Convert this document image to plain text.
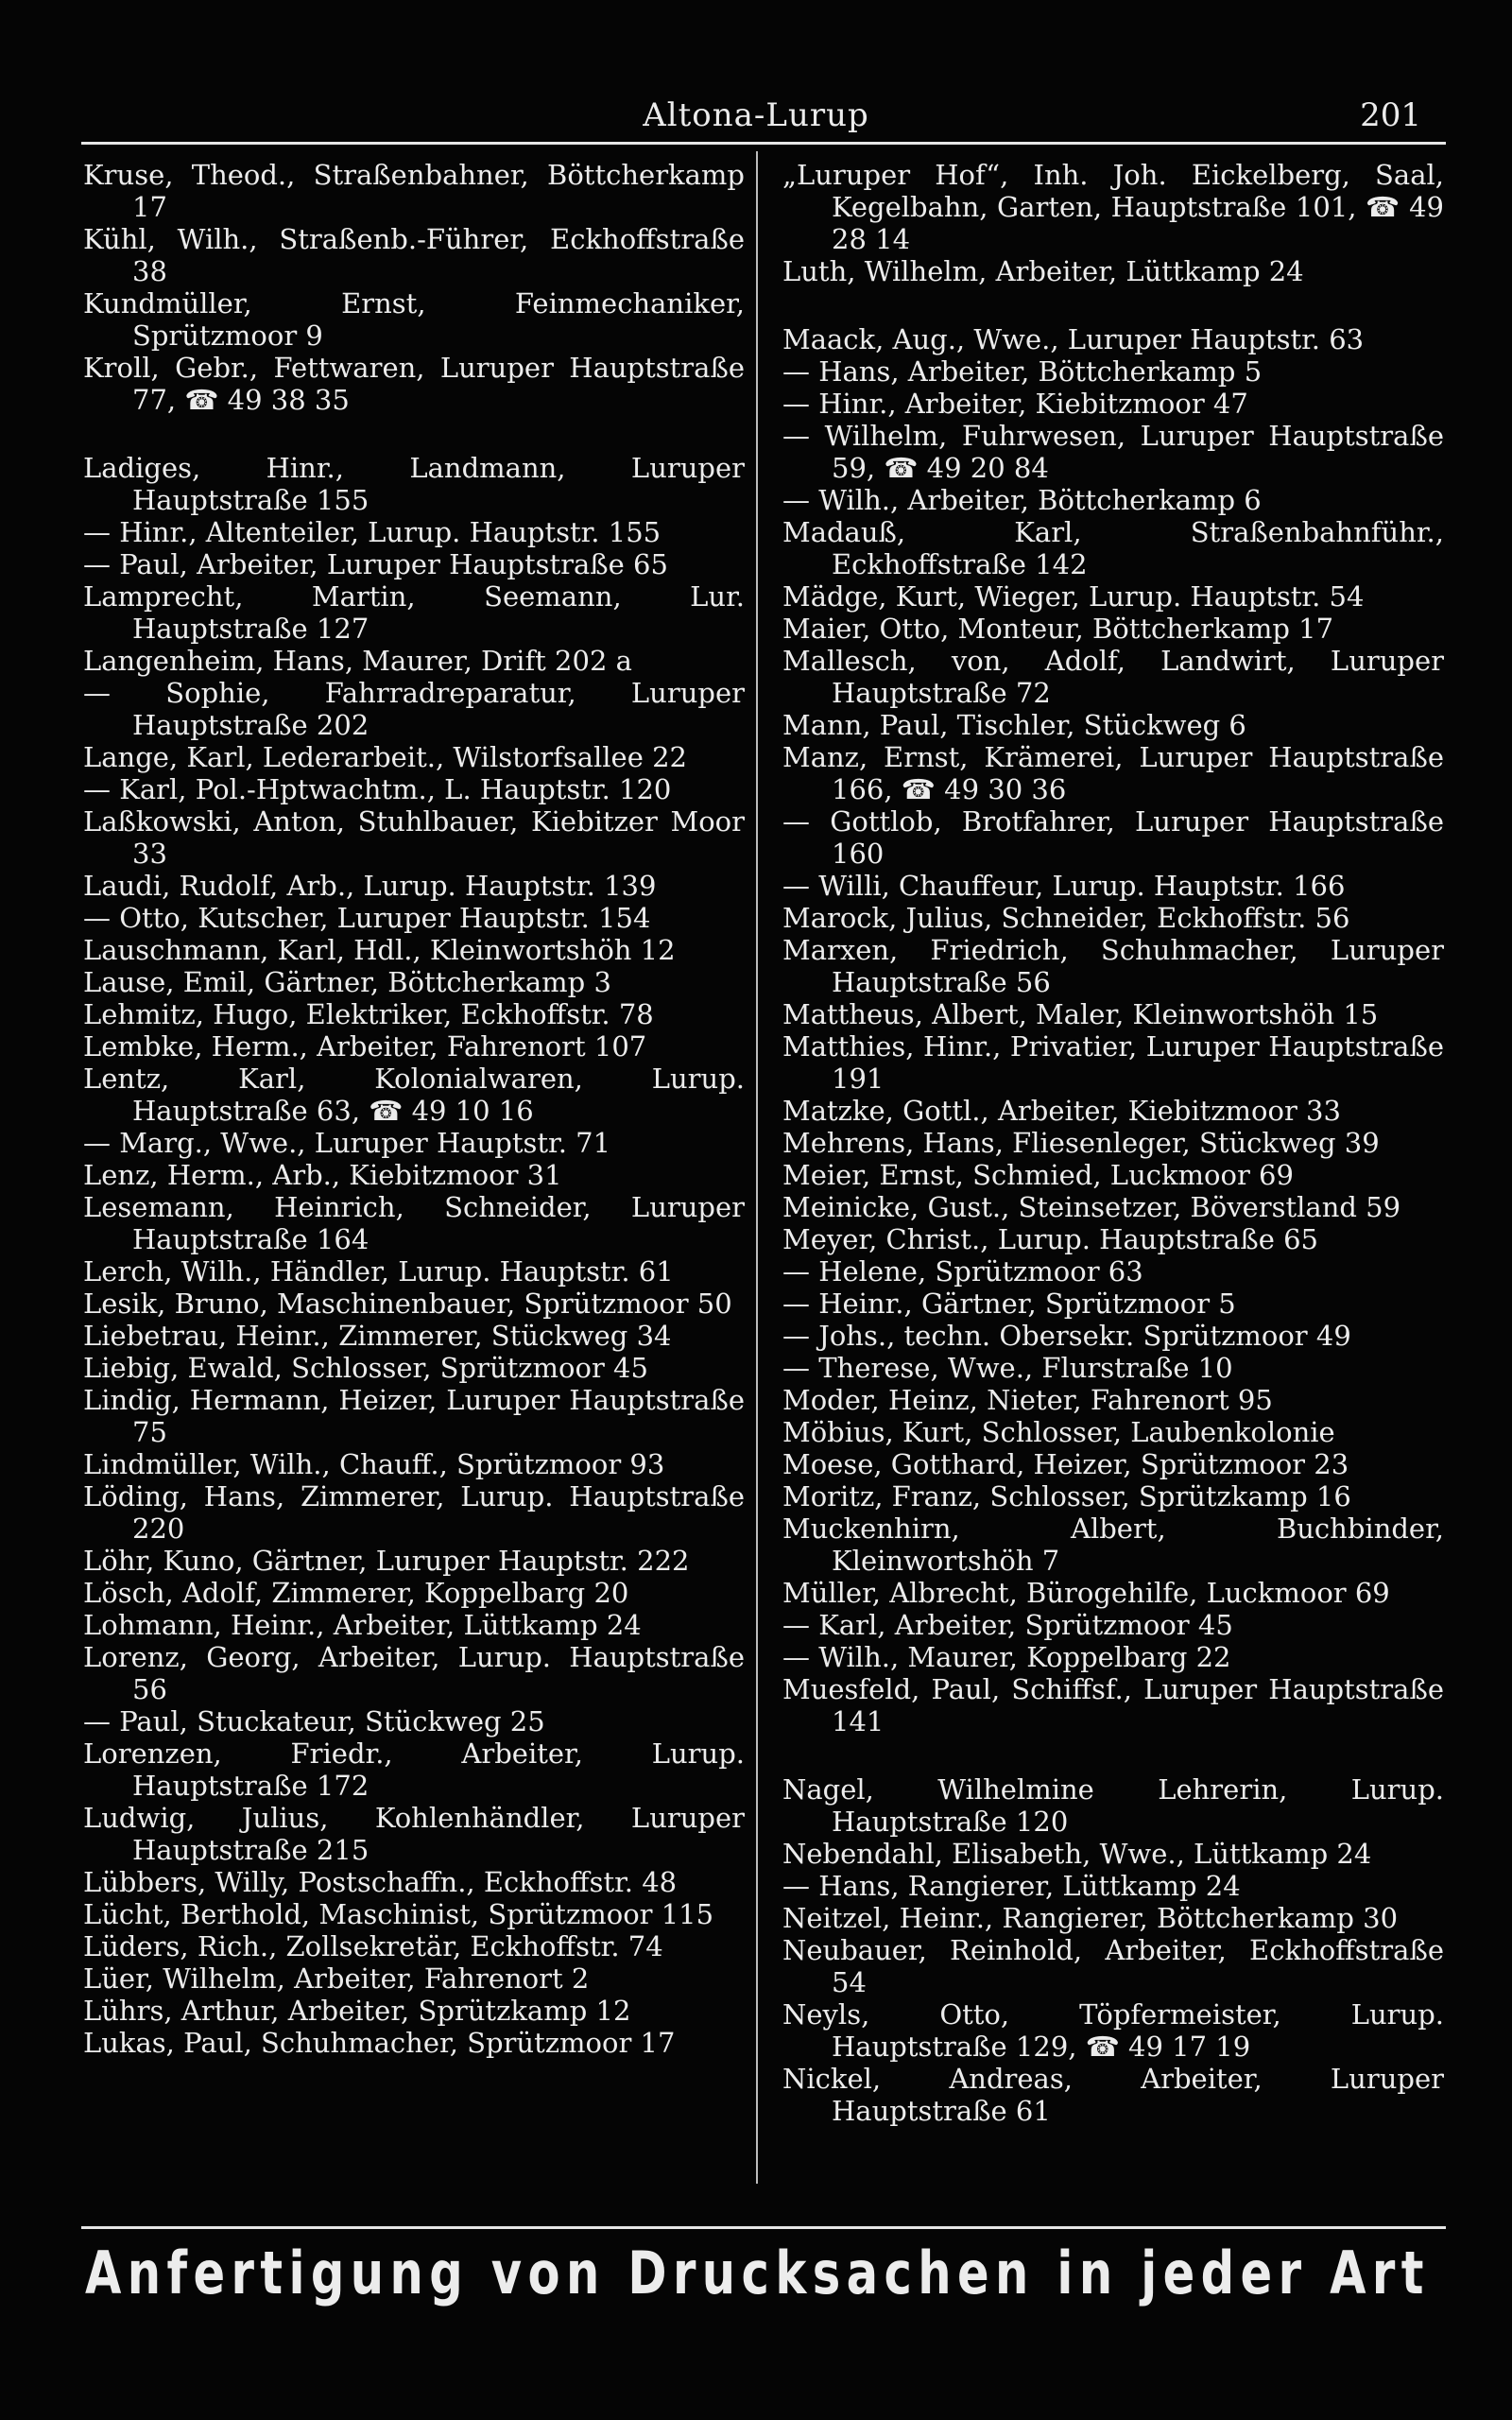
Altona-Lurup	201

Kruse, Theod., Straßenbahner, Böttcherkamp 17

Kühl, Wilh., Straßenb.-Führer, Eckhoffstraße 38

Kundmüller, Ernst, Feinmechaniker, Sprützmoor 9

Kroll, Gebr., Fettwaren, Luruper Hauptstraße 77, ☎ 49 38 35

Ladiges, Hinr., Landmann, Luruper Hauptstraße 155

— Hinr., Altenteiler, Lurup. Hauptstr. 155

— Paul, Arbeiter, Luruper Hauptstraße 65

Lamprecht, Martin, Seemann, Lur. Hauptstraße 127

Langenheim, Hans, Maurer, Drift 202 a

— Sophie, Fahrradreparatur, Luruper Hauptstraße 202

Lange, Karl, Lederarbeit., Wilstorfsallee 22

— Karl, Pol.-Hptwachtm., L. Hauptstr. 120

Laßkowski, Anton, Stuhlbauer, Kiebitzer Moor 33

Laudi, Rudolf, Arb., Lurup. Hauptstr. 139

— Otto, Kutscher, Luruper Hauptstr. 154

Lauschmann, Karl, Hdl., Kleinwortshöh 12

Lause, Emil, Gärtner, Böttcherkamp 3

Lehmitz, Hugo, Elektriker, Eckhoffstr. 78

Lembke, Herm., Arbeiter, Fahrenort 107

Lentz, Karl, Kolonialwaren, Lurup. Hauptstraße 63, ☎ 49 10 16

— Marg., Wwe., Luruper Hauptstr. 71

Lenz, Herm., Arb., Kiebitzmoor 31

Lesemann, Heinrich, Schneider, Luruper Hauptstraße 164

Lerch, Wilh., Händler, Lurup. Hauptstr. 61

Lesik, Bruno, Maschinenbauer, Sprützmoor 50

Liebetrau, Heinr., Zimmerer, Stückweg 34

Liebig, Ewald, Schlosser, Sprützmoor 45

Lindig, Hermann, Heizer, Luruper Hauptstraße 75

Lindmüller, Wilh., Chauff., Sprützmoor 93

Löding, Hans, Zimmerer, Lurup. Hauptstraße 220

Löhr, Kuno, Gärtner, Luruper Hauptstr. 222

Lösch, Adolf, Zimmerer, Koppelbarg 20

Lohmann, Heinr., Arbeiter, Lüttkamp 24

Lorenz, Georg, Arbeiter, Lurup. Hauptstraße 56

— Paul, Stuckateur, Stückweg 25

Lorenzen, Friedr., Arbeiter, Lurup. Hauptstraße 172

Ludwig, Julius, Kohlenhändler, Luruper Hauptstraße 215

Lübbers, Willy, Postschaffn., Eckhoffstr. 48

Lücht, Berthold, Maschinist, Sprützmoor 115

Lüders, Rich., Zollsekretär, Eckhoffstr. 74

Lüer, Wilhelm, Arbeiter, Fahrenort 2

Lührs, Arthur, Arbeiter, Sprützkamp 12

Lukas, Paul, Schuhmacher, Sprützmoor 17

„Luruper Hof“, Inh. Joh. Eickelberg, Saal, Kegelbahn, Garten, Hauptstraße 101, ☎ 49 28 14

Luth, Wilhelm, Arbeiter, Lüttkamp 24

Maack, Aug., Wwe., Luruper Hauptstr. 63

— Hans, Arbeiter, Böttcherkamp 5

— Hinr., Arbeiter, Kiebitzmoor 47

— Wilhelm, Fuhrwesen, Luruper Hauptstraße 59, ☎ 49 20 84

— Wilh., Arbeiter, Böttcherkamp 6

Madauß, Karl, Straßenbahnführ., Eckhoffstraße 142

Mädge, Kurt, Wieger, Lurup. Hauptstr. 54

Maier, Otto, Monteur, Böttcherkamp 17

Mallesch, von, Adolf, Landwirt, Luruper Hauptstraße 72

Mann, Paul, Tischler, Stückweg 6

Manz, Ernst, Krämerei, Luruper Hauptstraße 166, ☎ 49 30 36

— Gottlob, Brotfahrer, Luruper Hauptstraße 160

— Willi, Chauffeur, Lurup. Hauptstr. 166

Marock, Julius, Schneider, Eckhoffstr. 56

Marxen, Friedrich, Schuhmacher, Luruper Hauptstraße 56

Mattheus, Albert, Maler, Kleinwortshöh 15

Matthies, Hinr., Privatier, Luruper Hauptstraße 191

Matzke, Gottl., Arbeiter, Kiebitzmoor 33

Mehrens, Hans, Fliesenleger, Stückweg 39

Meier, Ernst, Schmied, Luckmoor 69

Meinicke, Gust., Steinsetzer, Böverstland 59

Meyer, Christ., Lurup. Hauptstraße 65

— Helene, Sprützmoor 63

— Heinr., Gärtner, Sprützmoor 5

— Johs., techn. Obersekr. Sprützmoor 49

— Therese, Wwe., Flurstraße 10

Moder, Heinz, Nieter, Fahrenort 95

Möbius, Kurt, Schlosser, Laubenkolonie

Moese, Gotthard, Heizer, Sprützmoor 23

Moritz, Franz, Schlosser, Sprützkamp 16

Muckenhirn, Albert, Buchbinder, Kleinwortshöh 7

Müller, Albrecht, Bürogehilfe, Luckmoor 69

— Karl, Arbeiter, Sprützmoor 45

— Wilh., Maurer, Koppelbarg 22

Muesfeld, Paul, Schiffsf., Luruper Hauptstraße 141

Nagel, Wilhelmine Lehrerin, Lurup. Hauptstraße 120

Nebendahl, Elisabeth, Wwe., Lüttkamp 24

— Hans, Rangierer, Lüttkamp 24

Neitzel, Heinr., Rangierer, Böttcherkamp 30

Neubauer, Reinhold, Arbeiter, Eckhoffstraße 54

Neyls, Otto, Töpfermeister, Lurup. Hauptstraße 129, ☎ 49 17 19

Nickel, Andreas, Arbeiter, Luruper Hauptstraße 61

Anfertigung von Drucksachen in jeder Art
